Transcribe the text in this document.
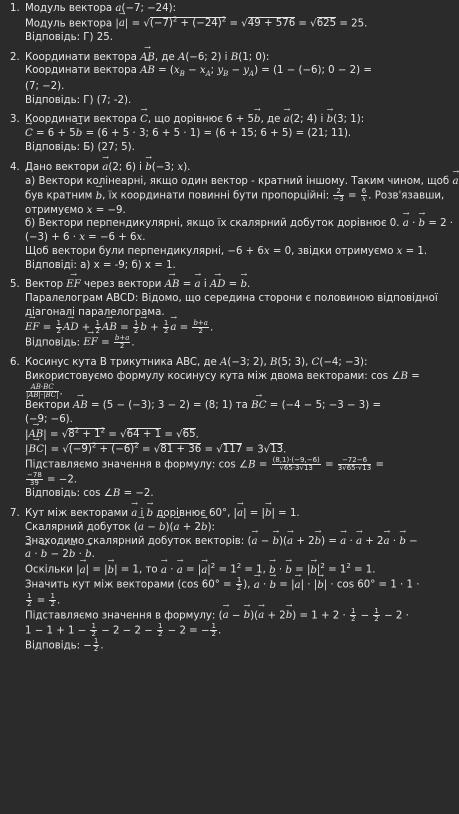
1. Модуль вектора → a(−7; −24):

Модуль вектора |→ $a| = √(-7)^2 + (-24)^2 = √49 + 576 = √625 = 25$.

Відповідь: Г) 25.

2. Координати вектора → AB, де A(−6; 2) і B(1; 0):

Координати вектора → AB = ($x_B - x_A$; $y_B - y_A) = (1 - (-6)$; 0 − 2) =

(7; −2).

Відповідь: Г) (7; -2).

3. Координати вектора → C, що дорівнює 6 + 5→ b, де → a(2; 4) і → b(3; 1):

→ C = 6 + 5→ b = (6 + 5 · 3; 6 + 5 · 1) = (6 + 15; 6 + 5) = (21; 11).

Відповідь: Б) (27; 5).

4. Дано вектори → a(2; 6) і → b(−3; x).

а) Вектори колінеарні, якщо один вектор - кратний іншому. Таким чином, щоб → a

був кратним → b, їх координати повинні бути пропорційні: $\frac{2}{-3} = \frac{6}{x}$ . Розв'язавши,

отримуємо x = −9.

б) Вектори перпендикулярні, якщо їх скалярний добуток дорівнює 0. → a · → b = 2 ·

(−3) + 6 · x = −6 + 6x.

Щоб вектори були перпендикулярні, −6 + 6x = 0, звідки отримуємо x = 1.

Відповіді: а) x = -9; б) x = 1.

5. Вектор → EF через вектори → AB = → a і → AD = → b.

Паралелограм ABCD: Відомо, що середина сторони є половиною відповідної

діагоналі паралелограма.

→ EF = $\frac{1}{2}$
→ AD + $\frac{1}{2}$
→ AB = $\frac{1}{2}$
→ $b + \frac{1}{2}$
→ $a = \frac{b+a}{2}$ .

Відповідь: → EF = $\frac{b+a}{2}$ .

6. Косинус кута В трикутника ABC, де A(−3; 2), B(5; 3), C(−4; −3):

Використовуємо формулу косинусу кута між двома векторами: cos ∠B =

$\frac{AB\cdot BC}{|AB|\cdot|BC|}$ .

Вектори → AB = (5 − (−3); 3 − 2) = (8; 1) та → BC = (−4 − 5; −3 − 3) =

(−9; −6).

|→ $AB| = √8^2 + 1^2 = √64 + 1 = √65$.

|→ $BC| = √(-9)^2 + (-6)^2 = √81 + 36 = √117 = 3√13$.

Підставляємо значення в формулу: cos ∠B = $\frac{(8,1)\cdot(-9,-6)}{√65\cdot 3√13} = \frac{-72-6}{3√65\cdot√13}$ =

$\frac{-78}{39} = -2$.

Відповідь: cos ∠B = −2.

7. Кут між векторами → a і → b дорівнює 60°, |→ a| = |→ b| = 1.

Скалярний добуток (→ a − → b)(→ a + 2→ b):

Знаходимо скалярний добуток векторів: (→ a − → b)(→ a + 2→ b) = → a · → a + 2→ a · → b −

→ a · → b − 2→ b · → b.

Оскільки |→ a| = |→ b| = 1, то → a · → a = |→ $a|^2 = 1^2 = 1$, → b · → b = |→ $b|^2 = 1^2 = 1$.

Значить кут між векторами (cos $60^\circ = \frac{1}{2}$ ), → a · → b = |→ a| · |→ b| · cos 60° = 1 · 1 ·

$\frac{1}{2} = \frac{1}{2}$ .

Підставляємо значення в формулу: (→ a − → $b)(\to a + 2\to b) = 1 + 2 \cdot \frac{1}{2} - \frac{1}{2} - 2$ ·

$1 - 1 + 1 - \frac{1}{2} - 2 - 2 - \frac{1}{2} - 2$ = − $\frac{1}{2}$ .

Відповідь: − $\frac{1}{2}$ .
